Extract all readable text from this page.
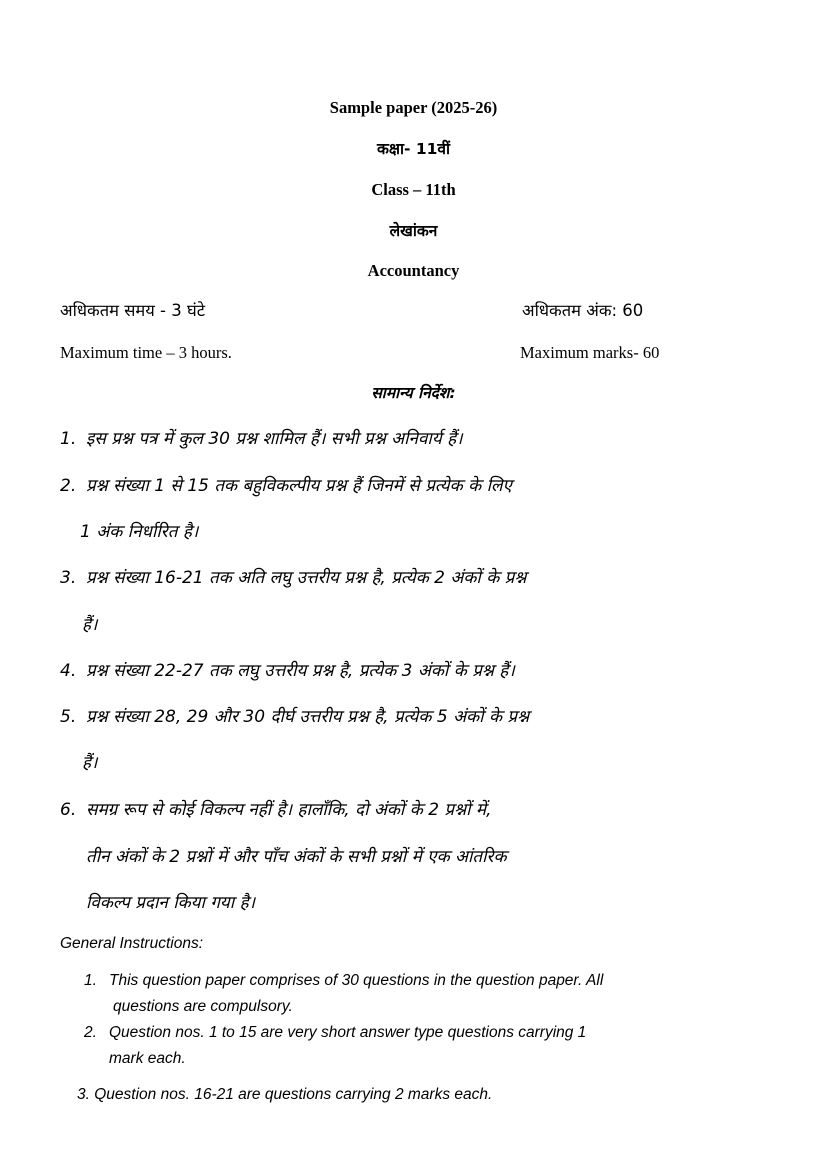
Sample paper (2025-26)
कक्षा- 11वीं
Class – 11th
लेखांकन
Accountancy
अधिकतम समय - 3 घंटे	अधिकतम अंक: 60
Maximum time – 3 hours.	Maximum marks- 60
सामान्य निर्देश:
1. इस प्रश्न पत्र में कुल 30 प्रश्न शामिल हैं। सभी प्रश्न अनिवार्य हैं।
2. प्रश्न संख्या 1 से 15 तक बहुविकल्पीय प्रश्न हैं जिनमें से प्रत्येक के लिए
1 अंक निर्धारित है।
3. प्रश्न संख्या 16-21 तक अति लघु उत्तरीय प्रश्न है, प्रत्येक 2 अंकों के प्रश्न
हैं।
4. प्रश्न संख्या 22-27 तक लघु उत्तरीय प्रश्न है, प्रत्येक 3 अंकों के प्रश्न हैं।
5. प्रश्न संख्या 28, 29 और 30 दीर्घ उत्तरीय प्रश्न है, प्रत्येक 5 अंकों के प्रश्न
हैं।
6. समग्र रूप से कोई विकल्प नहीं है। हालाँकि, दो अंकों के 2 प्रश्नों में,
तीन अंकों के 2 प्रश्नों में और पाँच अंकों के सभी प्रश्नों में एक आंतरिक
विकल्प प्रदान किया गया है।
General Instructions:
1. This question paper comprises of 30 questions in the question paper. All
questions are compulsory.
2. Question nos. 1 to 15 are very short answer type questions carrying 1
mark each.
3. Question nos. 16-21 are questions carrying 2 marks each.
